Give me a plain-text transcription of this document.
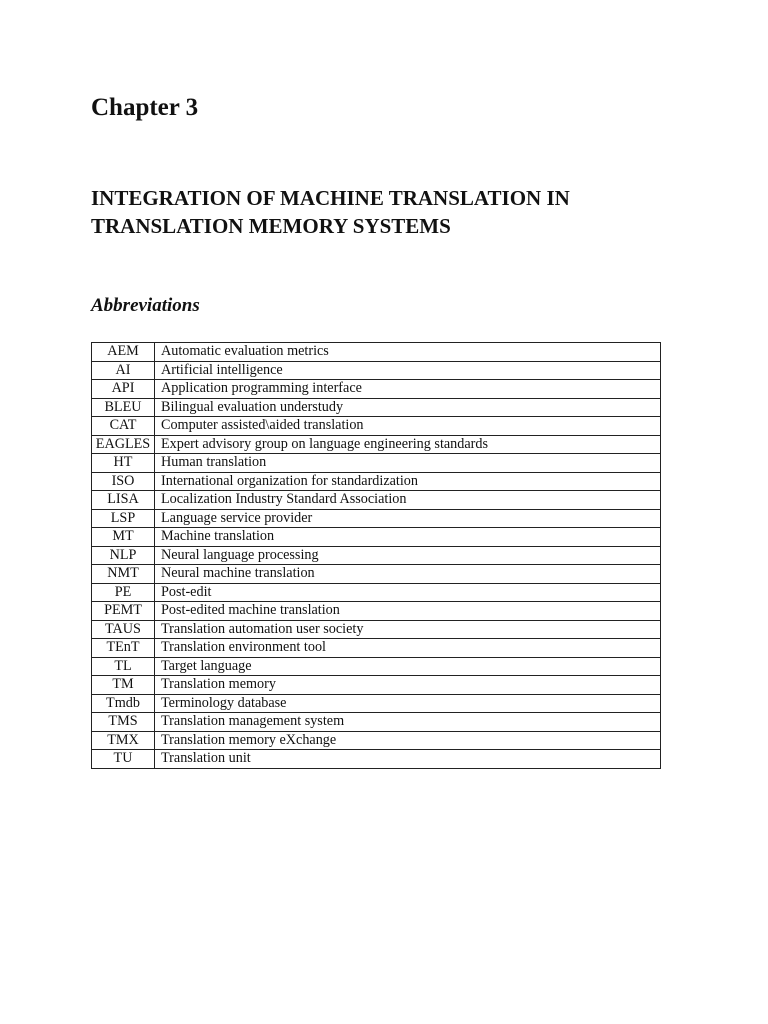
Chapter 3
INTEGRATION OF MACHINE TRANSLATION IN
TRANSLATION MEMORY SYSTEMS
Abbreviations
AEM	Automatic evaluation metrics
AI	Artificial intelligence
API	Application programming interface
BLEU	Bilingual evaluation understudy
CAT	Computer assisted\aided translation
EAGLES	Expert advisory group on language engineering standards
HT	Human translation
ISO	International organization for standardization
LISA	Localization Industry Standard Association
LSP	Language service provider
MT	Machine translation
NLP	Neural language processing
NMT	Neural machine translation
PE	Post-edit
PEMT	Post-edited machine translation
TAUS	Translation automation user society
TEnT	Translation environment tool
TL	Target language
TM	Translation memory
Tmdb	Terminology database
TMS	Translation management system
TMX	Translation memory eXchange
TU	Translation unit
